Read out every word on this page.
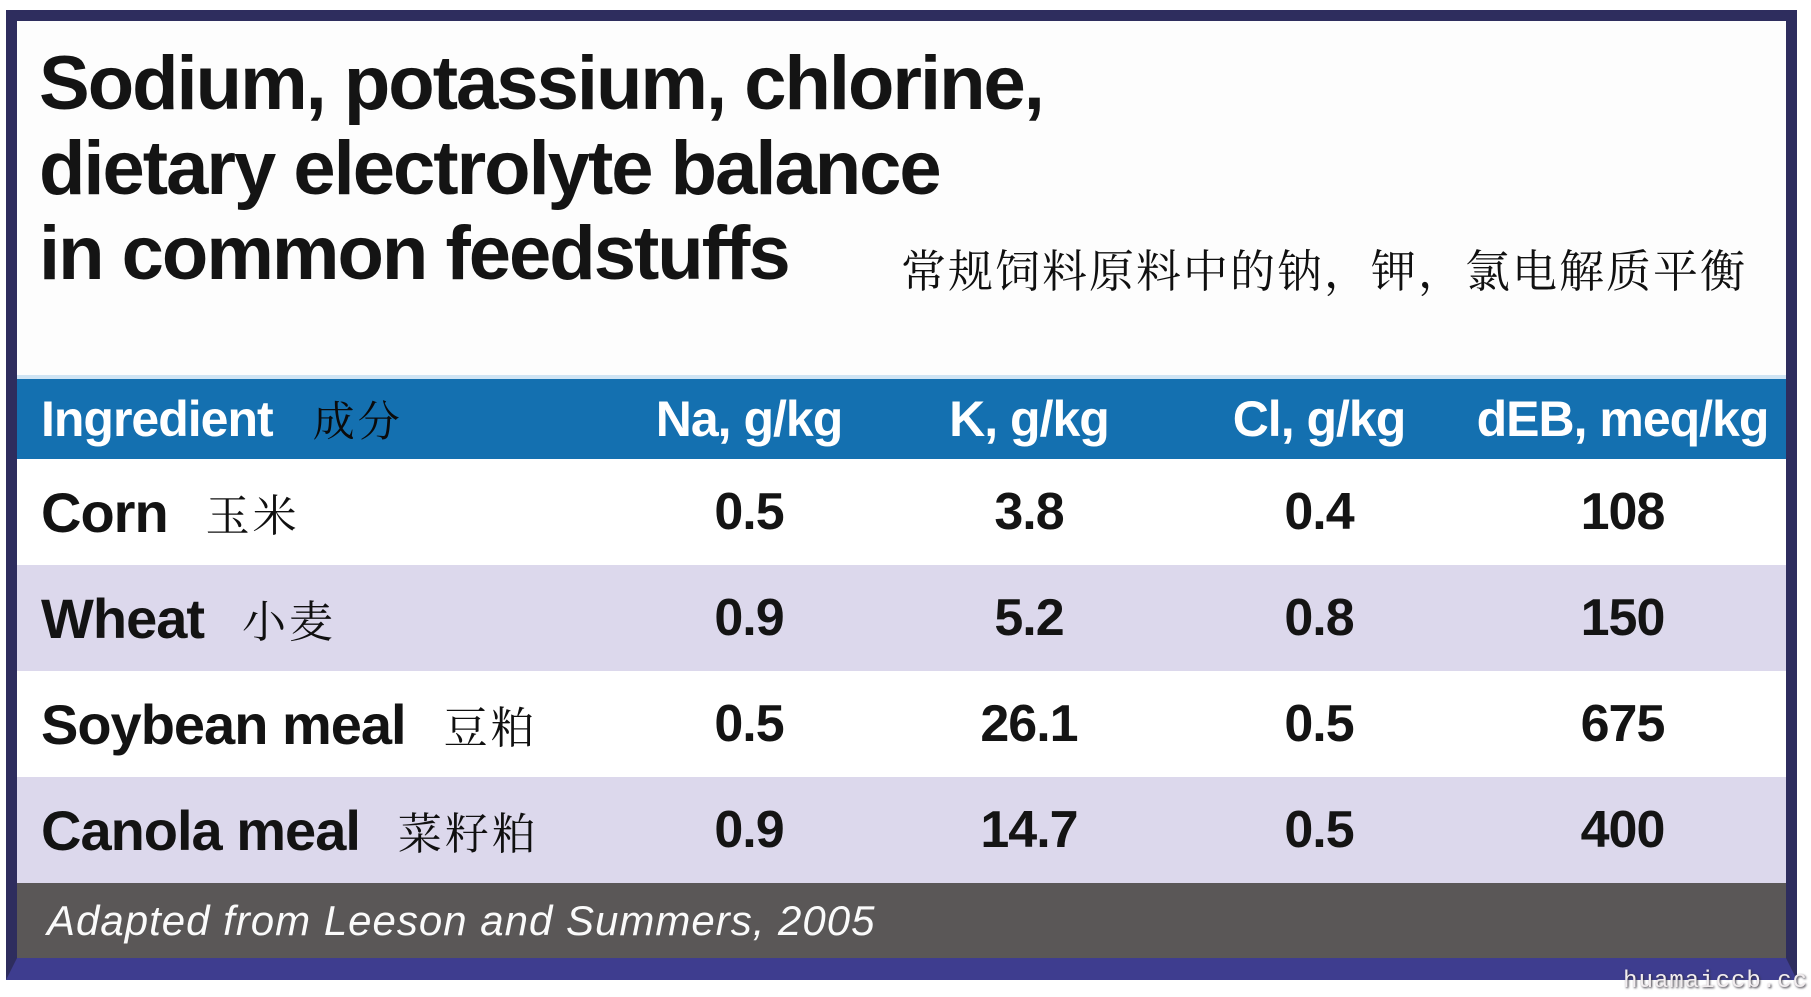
Sodium, potassium, chlorine,
dietary electrolyte balance
in common feedstuffs	常规饲料原料中的钠，钾，氯电解质平衡
Ingredient 成分	Na, g/kg	K, g/kg	Cl, g/kg	dEB, meq/kg
Corn 玉米	0.5	3.8	0.4	108
Wheat 小麦	0.9	5.2	0.8	150
Soybean meal 豆粕	0.5	26.1	0.5	675
Canola meal 菜籽粕	0.9	14.7	0.5	400
Adapted from Leeson and Summers, 2005
huamaiccb.cc
